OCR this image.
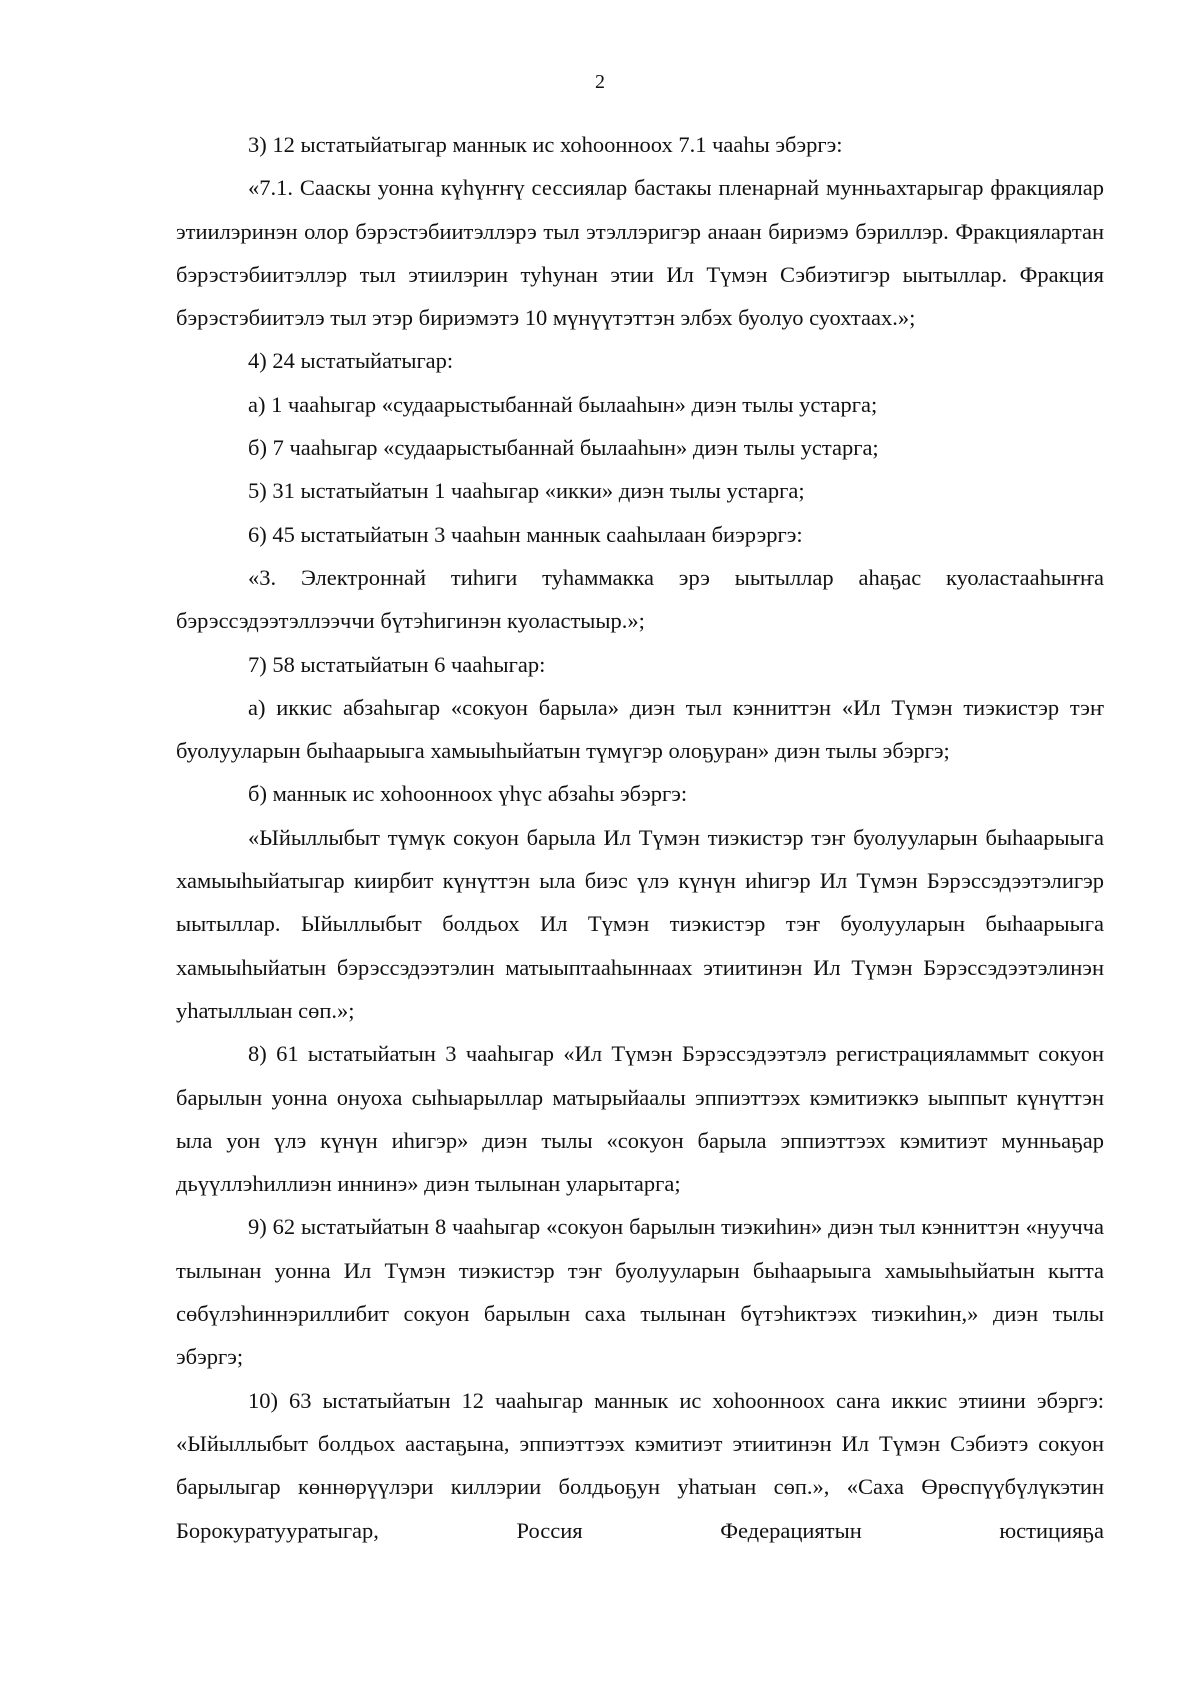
2

3) 12 ыстатыйатыгар маннык ис хоһоонноох 7.1 чааһы эбэргэ:

«7.1. Сааскы уонна күһүҥҥү сессиялар бастакы пленарнай мунньахтарыгар фракциялар этиилэринэн олор бэрэстэбиитэллэрэ тыл этэллэригэр анаан бириэмэ бэриллэр. Фракциялартан бэрэстэбиитэллэр тыл этиилэрин туһунан этии Ил Түмэн Сэбиэтигэр ыытыллар. Фракция бэрэстэбиитэлэ тыл этэр бириэмэтэ 10 мүнүүтэттэн элбэх буолуо суохтаах.»;

4) 24 ыстатыйатыгар:

а) 1 чааһыгар «судаарыстыбаннай былааһын» диэн тылы устарга;

б) 7 чааһыгар «судаарыстыбаннай былааһын» диэн тылы устарга;

5) 31 ыстатыйатын 1 чааһыгар «икки» диэн тылы устарга;

6) 45 ыстатыйатын 3 чааһын маннык сааһылаан биэрэргэ:

«3. Электроннай тиһиги туһаммакка эрэ ыытыллар аһаҕас куоластааһыҥҥа бэрэссэдээтэллээччи бүтэһигинэн куоластыыр.»;

7) 58 ыстатыйатын 6 чааһыгар:

а) иккис абзаһыгар «сокуон барыла» диэн тыл кэнниттэн «Ил Түмэн тиэкистэр тэҥ буолууларын быһаарыыга хамыыһыйатын түмүгэр олоҕуран» диэн тылы эбэргэ;

б) маннык ис хоһоонноох үһүс абзаһы эбэргэ:

«Ыйыллыбыт түмүк сокуон барыла Ил Түмэн тиэкистэр тэҥ буолууларын быһаарыыга хамыыһыйатыгар киирбит күнүттэн ыла биэс үлэ күнүн иһигэр Ил Түмэн Бэрэссэдээтэлигэр ыытыллар. Ыйыллыбыт болдьох Ил Түмэн тиэкистэр тэҥ буолууларын быһаарыыга хамыыһыйатын бэрэссэдээтэлин матыыптааһыннаах этиитинэн Ил Түмэн Бэрэссэдээтэлинэн уһатыллыан сөп.»;

8) 61 ыстатыйатын 3 чааһыгар «Ил Түмэн Бэрэссэдээтэлэ регистрацияламмыт сокуон барылын уонна онуоха сыһыарыллар матырыйаалы эппиэттээх кэмитиэккэ ыыппыт күнүттэн ыла уон үлэ күнүн иһигэр» диэн тылы «сокуон барыла эппиэттээх кэмитиэт мунньаҕар дьүүллэһиллиэн иннинэ» диэн тылынан уларытарга;

9) 62 ыстатыйатын 8 чааһыгар «сокуон барылын тиэкиһин» диэн тыл кэнниттэн «нуучча тылынан уонна Ил Түмэн тиэкистэр тэҥ буолууларын быһаарыыга хамыыһыйатын кытта сөбүлэһиннэриллибит сокуон барылын саха тылынан бүтэһиктээх тиэкиһин,» диэн тылы эбэргэ;

10) 63 ыстатыйатын 12 чааһыгар маннык ис хоһоонноох саҥа иккис этиини эбэргэ: «Ыйыллыбыт болдьох аастаҕына, эппиэттээх кэмитиэт этиитинэн Ил Түмэн Сэбиэтэ сокуон барылыгар көннөрүүлэри киллэрии болдьоҕун уһатыан сөп.», «Саха Өрөспүүбүлүкэтин Борокуратууратыгар, Россия Федерациятын юстицияҕа
